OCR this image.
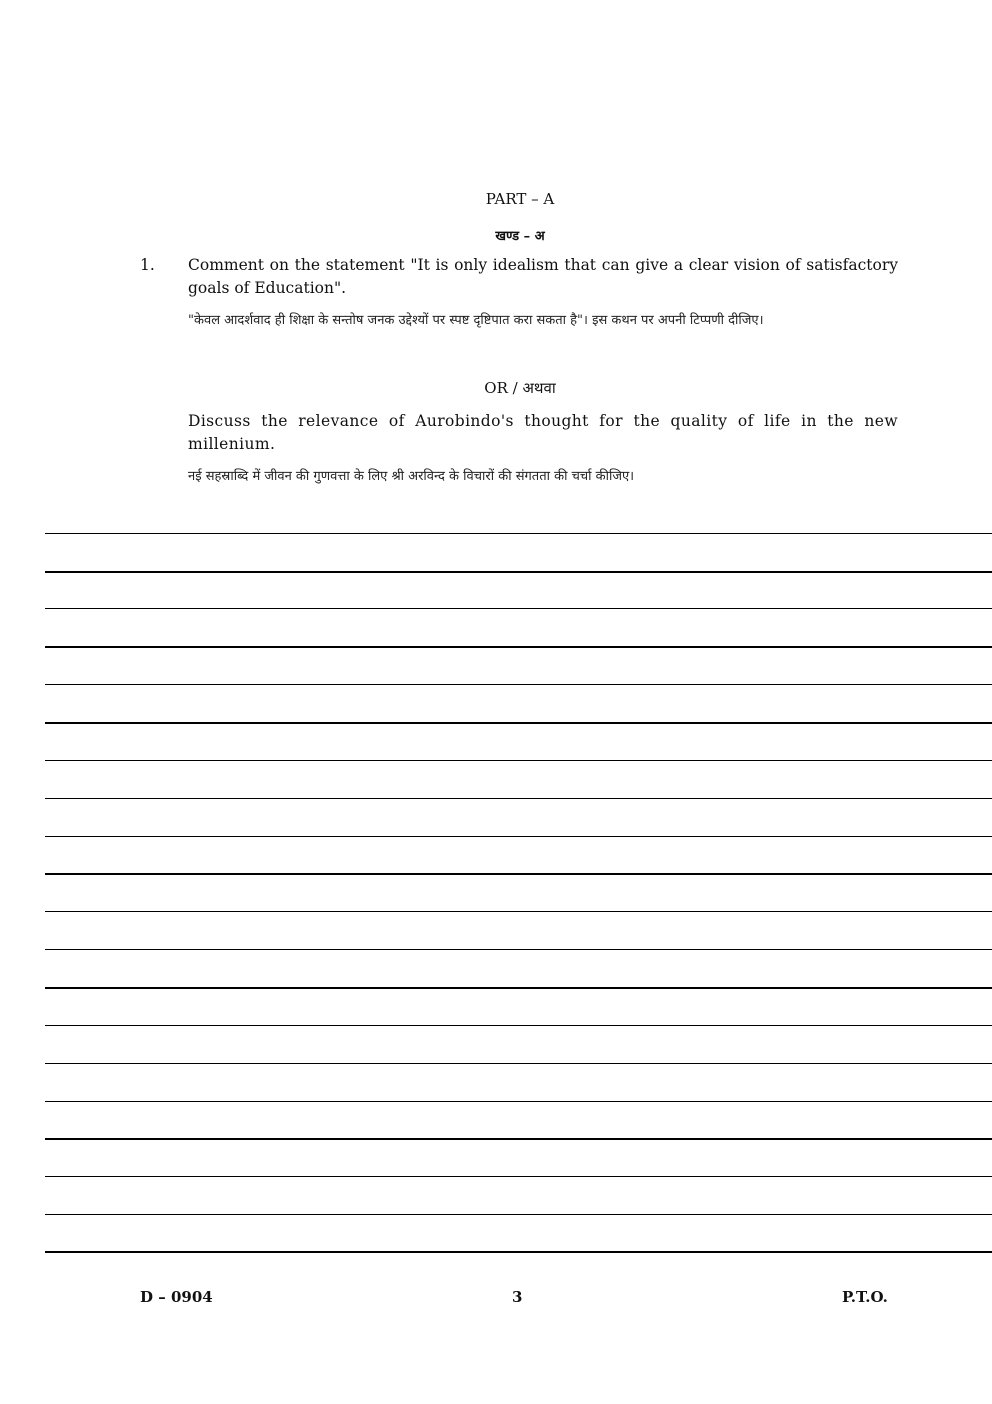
PART – A
खण्ड – अ
1. Comment on the statement "It is only idealism that can give a clear vision of satisfactory goals of Education".
"केवल आदर्शवाद ही शिक्षा के सन्तोष जनक उद्देश्यों पर स्पष्ट दृष्टिपात करा सकता है"। इस कथन पर अपनी टिप्पणी दीजिए।
OR / अथवा
Discuss the relevance of Aurobindo's thought for the quality of life in the new millenium.
नई सहस्राब्दि में जीवन की गुणवत्ता के लिए श्री अरविन्द के विचारों की संगतता की चर्चा कीजिए।
D – 0904	3	P.T.O.
